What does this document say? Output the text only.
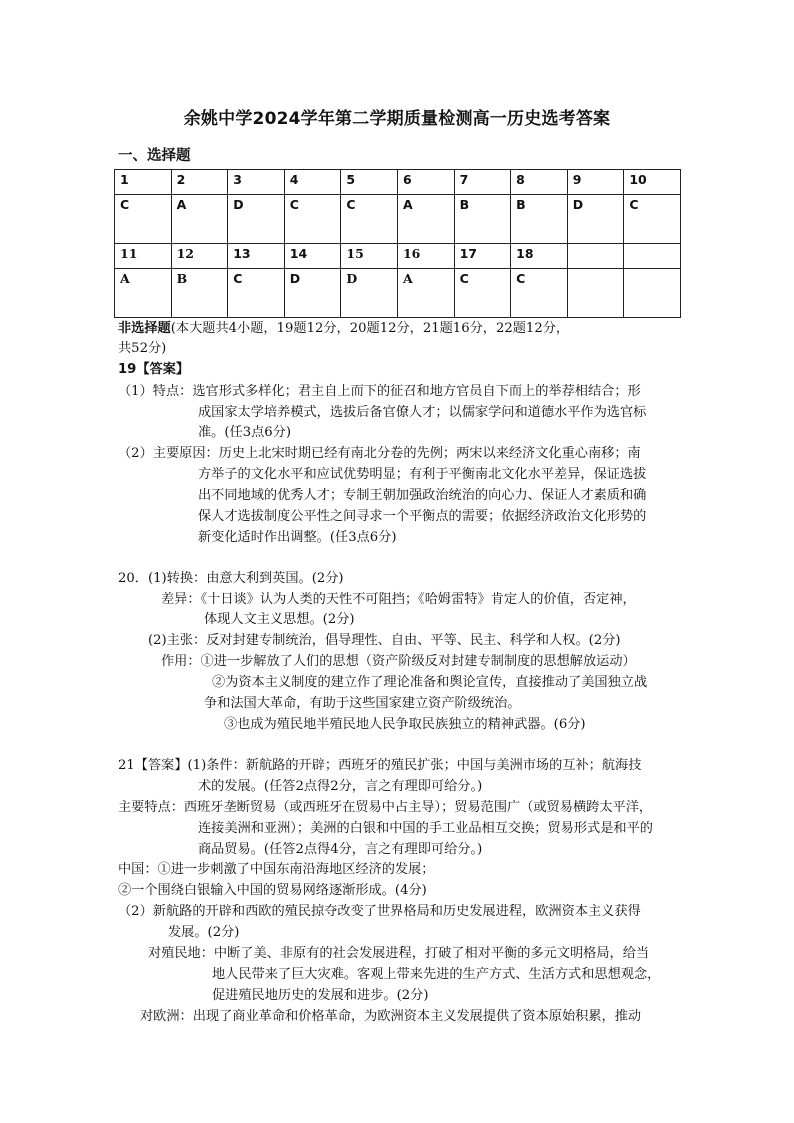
余姚中学2024学年第二学期质量检测高一历史选考答案
一、选择题
1	2	3	4	5	6	7	8	9	10
C	A	D	C	C	A	B	B	D	C
11	12	13	14	15	16	17	18		
A	B	C	D	D	A	C	C		
非选择题(本大题共4小题，19题12分，20题12分，21题16分，22题12分，
共52分)
19【答案】
（1）特点：选官形式多样化；君主自上而下的征召和地方官员自下而上的举荐相结合；形
成国家太学培养模式，选拔后备官僚人才；以儒家学问和道德水平作为选官标
准。(任3点6分)
（2）主要原因：历史上北宋时期已经有南北分卷的先例；两宋以来经济文化重心南移；南
方举子的文化水平和应试优势明显；有利于平衡南北文化水平差异，保证选拔
出不同地域的优秀人才；专制王朝加强政治统治的向心力、保证人才素质和确
保人才选拔制度公平性之间寻求一个平衡点的需要；依据经济政治文化形势的
新变化适时作出调整。(任3点6分)
20．(1)转换：由意大利到英国。(2分)
差异：《十日谈》认为人类的天性不可阻挡；《哈姆雷特》肯定人的价值，否定神，
体现人文主义思想。(2分)
(2)主张：反对封建专制统治，倡导理性、自由、平等、民主、科学和人权。(2分)
作用：①进一步解放了人们的思想（资产阶级反对封建专制制度的思想解放运动）
②为资本主义制度的建立作了理论准备和舆论宣传，直接推动了美国独立战
争和法国大革命，有助于这些国家建立资产阶级统治。
③也成为殖民地半殖民地人民争取民族独立的精神武器。(6分)
21【答案】(1)条件：新航路的开辟；西班牙的殖民扩张；中国与美洲市场的互补；航海技
术的发展。(任答2点得2分，言之有理即可给分。)
主要特点：西班牙垄断贸易（或西班牙在贸易中占主导）；贸易范围广（或贸易横跨太平洋，
连接美洲和亚洲）；美洲的白银和中国的手工业品相互交换；贸易形式是和平的
商品贸易。(任答2点得4分，言之有理即可给分。)
中国：①进一步刺激了中国东南沿海地区经济的发展；
②一个围绕白银输入中国的贸易网络逐渐形成。(4分)
（2）新航路的开辟和西欧的殖民掠夺改变了世界格局和历史发展进程，欧洲资本主义获得
发展。(2分)
对殖民地：中断了美、非原有的社会发展进程，打破了相对平衡的多元文明格局，给当
地人民带来了巨大灾难。客观上带来先进的生产方式、生活方式和思想观念，
促进殖民地历史的发展和进步。(2分)
对欧洲：出现了商业革命和价格革命，为欧洲资本主义发展提供了资本原始积累，推动
